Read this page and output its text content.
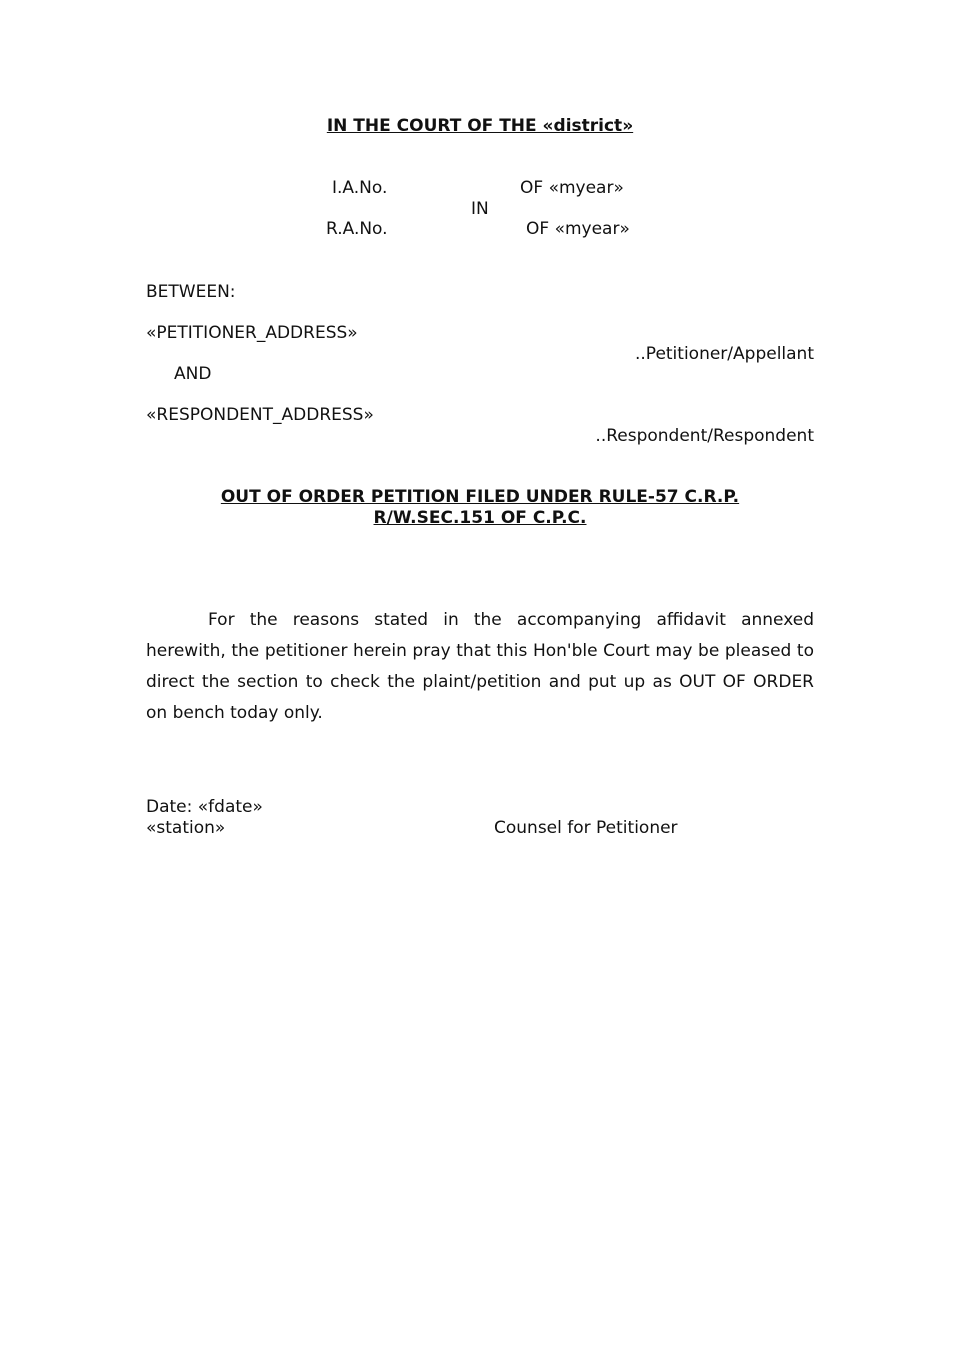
IN THE COURT OF THE «district»
I.A.No.	OF «myear»
IN
R.A.No.	OF «myear»
BETWEEN:
«PETITIONER_ADDRESS»
..Petitioner/Appellant
AND
«RESPONDENT_ADDRESS»
..Respondent/Respondent
OUT OF ORDER PETITION FILED UNDER RULE-57 C.R.P.
R/W.SEC.151 OF C.P.C.
For the reasons stated in the accompanying affidavit annexed herewith, the petitioner herein pray that this Hon'ble Court may be pleased to direct the section to check the plaint/petition and put up as OUT OF ORDER on bench today only.
Date: «fdate»
«station»	Counsel for Petitioner
